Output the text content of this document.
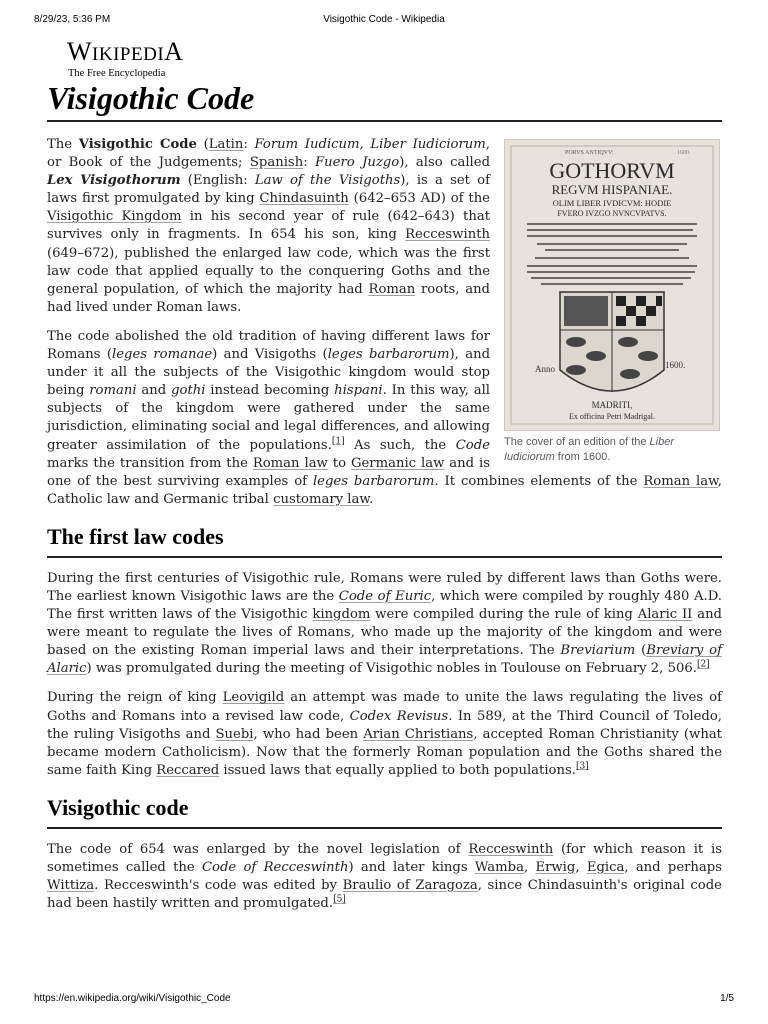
8/29/23, 5:36 PM	Visigothic Code - Wikipedia
WIKIPEDIA
The Free Encyclopedia
Visigothic Code
PORVS ANTIQVV:	1600.
GOTHORVM
REGVM HISPANIAE.
OLIM LIBER IVDICVM: HODIE
FVERO IVZGO NVNCVPATVS.
Anno	1600.
MADRITI,
Ex officina Petri Madrigal.
The cover of an edition of the Liber Iudiciorum from 1600.

The Visigothic Code (Latin: Forum Iudicum, Liber Iudiciorum, or Book of the Judgements; Spanish: Fuero Juzgo), also called Lex Visigothorum (English: Law of the Visigoths), is a set of laws first promulgated by king Chindasuinth (642–653 AD) of the Visigothic Kingdom in his second year of rule (642–643) that survives only in fragments. In 654 his son, king Recceswinth (649–672), published the enlarged law code, which was the first law code that applied equally to the conquering Goths and the general population, of which the majority had Roman roots, and had lived under Roman laws.

The code abolished the old tradition of having different laws for Romans (leges romanae) and Visigoths (leges barbarorum), and under it all the subjects of the Visigothic kingdom would stop being romani and gothi instead becoming hispani. In this way, all subjects of the kingdom were gathered under the same jurisdiction, eliminating social and legal differences, and allowing greater assimilation of the populations.[1] As such, the Code marks the transition from the Roman law to Germanic law and is one of the best surviving examples of leges barbarorum. It combines elements of the Roman law, Catholic law and Germanic tribal customary law.

The first law codes

During the first centuries of Visigothic rule, Romans were ruled by different laws than Goths were. The earliest known Visigothic laws are the Code of Euric, which were compiled by roughly 480 A.D. The first written laws of the Visigothic kingdom were compiled during the rule of king Alaric II and were meant to regulate the lives of Romans, who made up the majority of the kingdom and were based on the existing Roman imperial laws and their interpretations. The Breviarium (Breviary of Alaric) was promulgated during the meeting of Visigothic nobles in Toulouse on February 2, 506.[2]

During the reign of king Leovigild an attempt was made to unite the laws regulating the lives of Goths and Romans into a revised law code, Codex Revisus. In 589, at the Third Council of Toledo, the ruling Visigoths and Suebi, who had been Arian Christians, accepted Roman Christianity (what became modern Catholicism). Now that the formerly Roman population and the Goths shared the same faith King Reccared issued laws that equally applied to both populations.[3]

Visigothic code

The code of 654 was enlarged by the novel legislation of Recceswinth (for which reason it is sometimes called the Code of Recceswinth) and later kings Wamba, Erwig, Egica, and perhaps Wittiza. Recceswinth's code was edited by Braulio of Zaragoza, since Chindasuinth's original code had been hastily written and promulgated.[5]

https://en.wikipedia.org/wiki/Visigothic_Code	1/5
